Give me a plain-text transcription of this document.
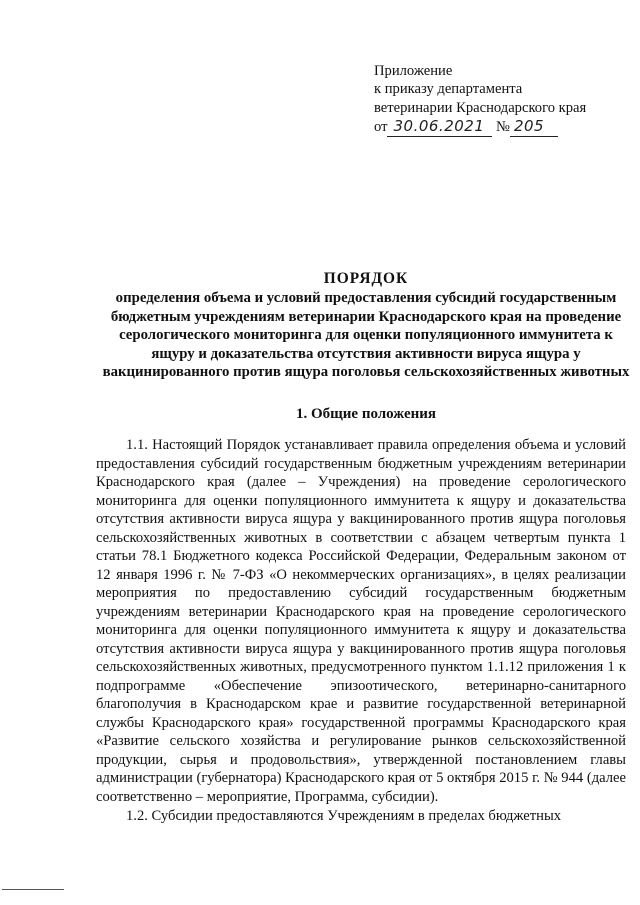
Приложение
к приказу департамента
ветеринарии Краснодарского края
от 30.06.2021 № 205
ПОРЯДОК
определения объема и условий предоставления субсидий государственным бюджетным учреждениям ветеринарии Краснодарского края на проведение серологического мониторинга для оценки популяционного иммунитета к ящуру и доказательства отсутствия активности вируса ящура у вакцинированного против ящура поголовья сельскохозяйственных животных
1. Общие положения

1.1. Настоящий Порядок устанавливает правила определения объема и условий предоставления субсидий государственным бюджетным учреждениям ветеринарии Краснодарского края (далее – Учреждения) на проведение серологического мониторинга для оценки популяционного иммунитета к ящуру и доказательства отсутствия активности вируса ящура у вакцинированного против ящура поголовья сельскохозяйственных животных в соответствии с абзацем четвертым пункта 1 статьи 78.1 Бюджетного кодекса Российской Федерации, Федеральным законом от 12 января 1996 г. № 7-ФЗ «О некоммерческих организациях», в целях реализации мероприятия по предоставлению субсидий государственным бюджетным учреждениям ветеринарии Краснодарского края на проведение серологического мониторинга для оценки популяционного иммунитета к ящуру и доказательства отсутствия активности вируса ящура у вакцинированного против ящура поголовья сельскохозяйственных животных, предусмотренного пунктом 1.1.12 приложения 1 к подпрограмме «Обеспечение эпизоотического, ветеринарно-санитарного благополучия в Краснодарском крае и развитие государственной ветеринарной службы Краснодарского края» государственной программы Краснодарского края «Развитие сельского хозяйства и регулирование рынков сельскохозяйственной продукции, сырья и продовольствия», утвержденной постановлением главы администрации (губернатора) Краснодарского края от 5 октября 2015 г. № 944 (далее соответственно – мероприятие, Программа, субсидии).

1.2. Субсидии предоставляются Учреждениям в пределах бюджетных
